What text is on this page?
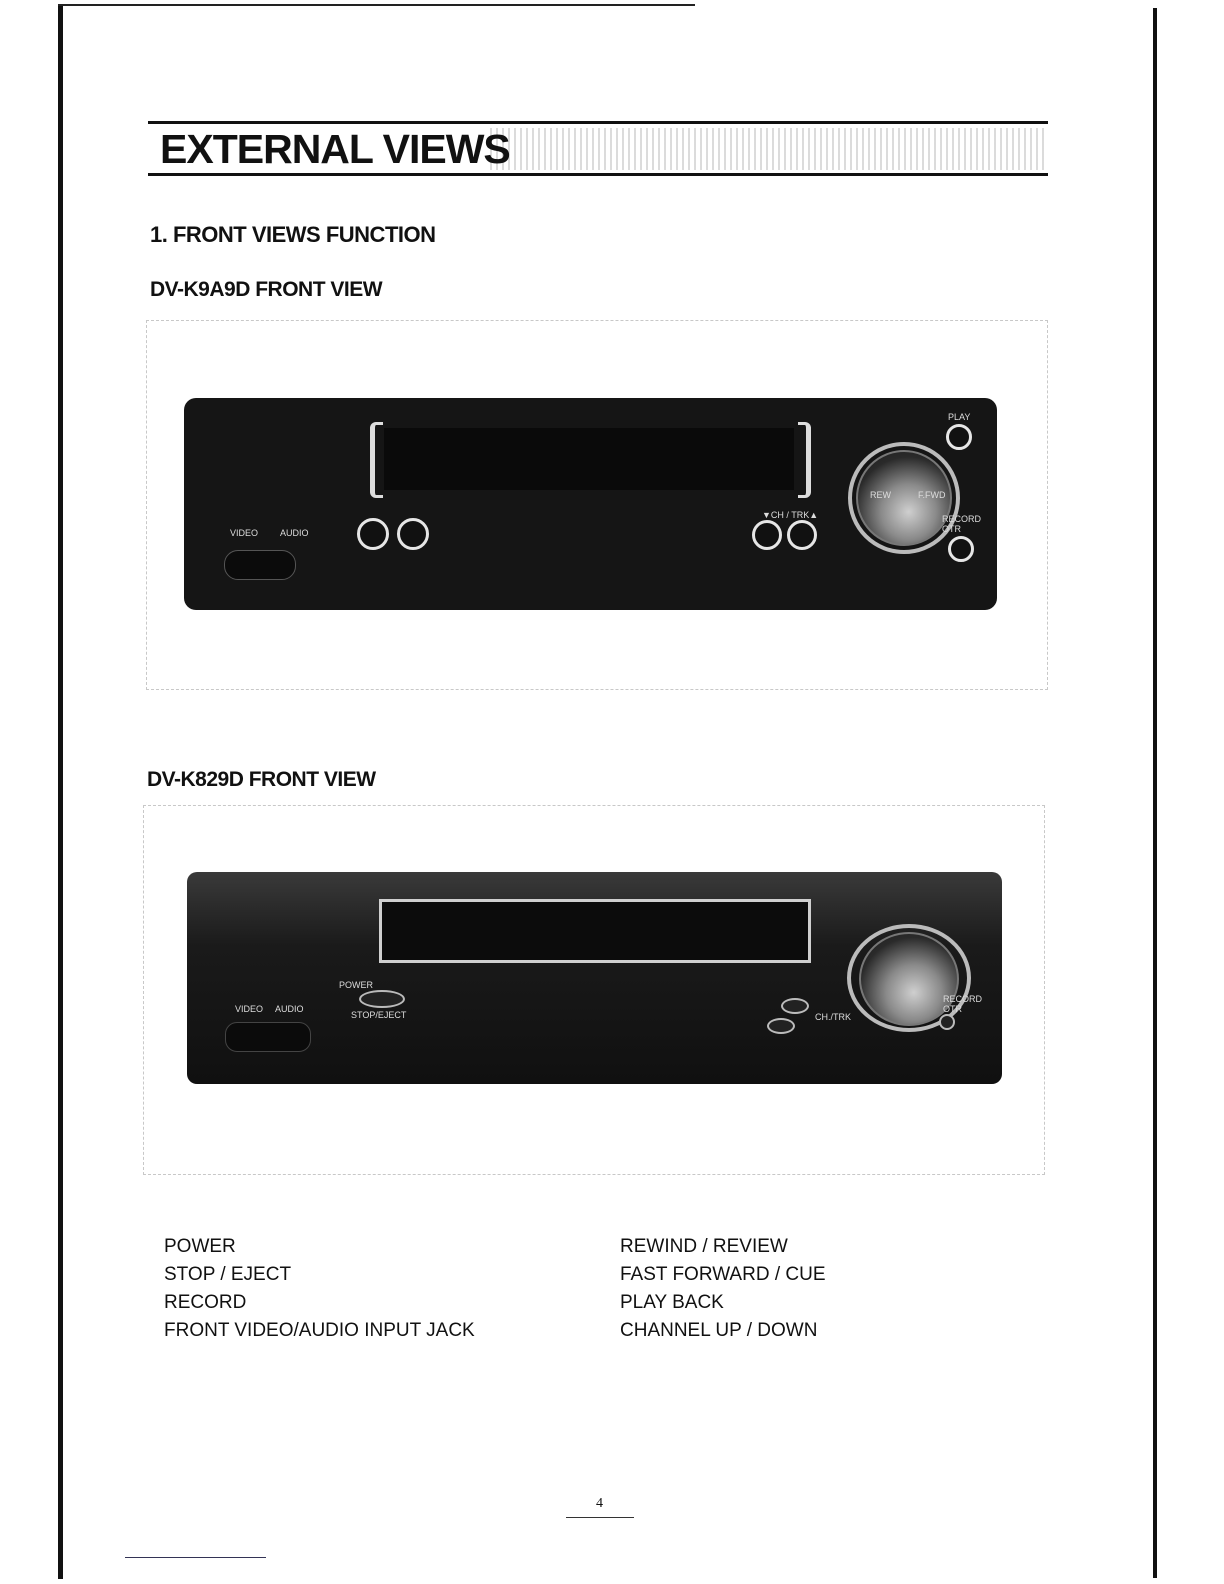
EXTERNAL VIEWS
1. FRONT VIEWS FUNCTION
DV-K9A9D FRONT VIEW
VIDEO AUDIO
▼CH / TRK▲
REW	F.FWD
PLAY
RECORD OTR
DV-K829D FRONT VIEW
POWER
STOP/EJECT
VIDEO AUDIO
CH./TRK
RECORD OTR
POWER
STOP / EJECT
RECORD
FRONT VIDEO/AUDIO INPUT JACK
REWIND / REVIEW
FAST FORWARD / CUE
PLAY BACK
CHANNEL UP / DOWN
4
